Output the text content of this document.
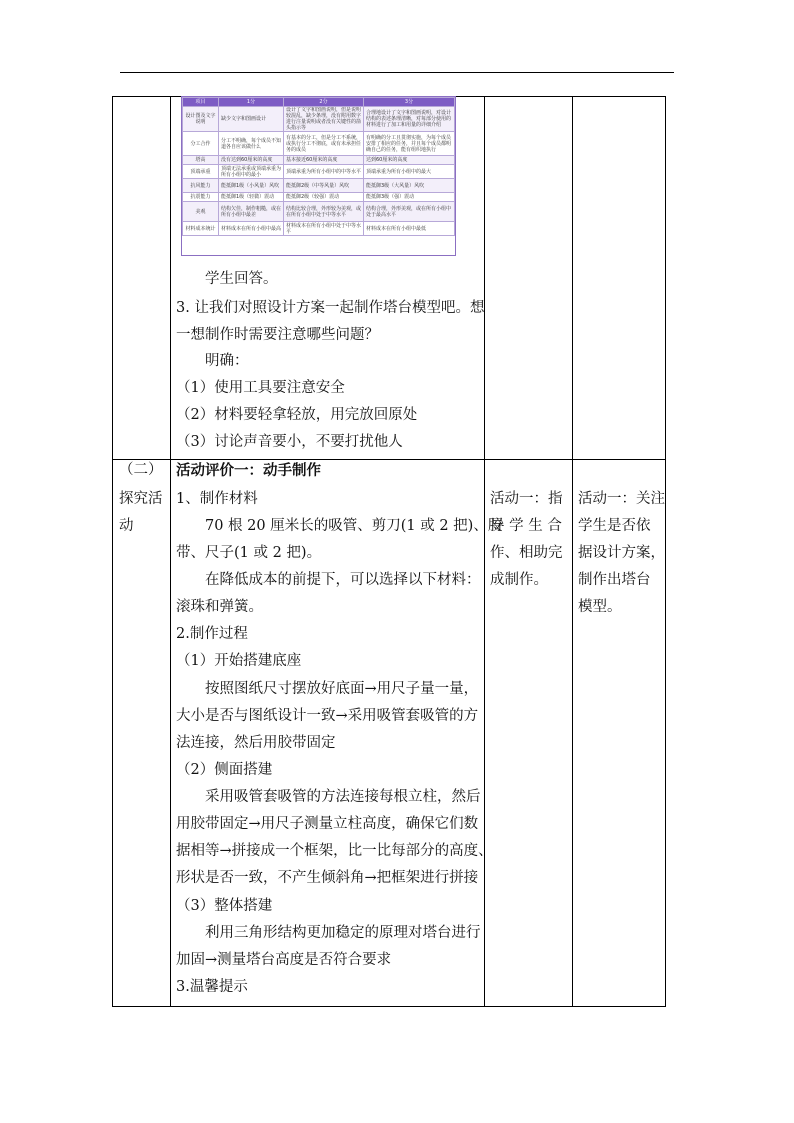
项目	1分	2分	3分
设计图及文字说明	缺少文字和图画设计	设计了文字和图画说明，但是说明较混乱，缺少条理，没有附用数字进行注量说明或者没有关键性的箭头指示等	合理地设计了文字和图画说明，对设计结构的表述条理清晰，对每部分使用的材料进行了加工和用量的详细介绍
分工合作	分工不明确，每个成员不知道各自应该做什么	有基本的分工，但是分工不系统，或执行分工不彻底，或有未承担任务的成员	有明确的分工且贯彻实施，为每个成员安排了相应的任务，并且每个成员都明确自己的任务，能有组织地执行
塔高	没有达到60厘米的高度	基本接近60厘米的高度	达到60厘米的高度
顶端承重	顶端无法承重或顶端承重为所有小组中的最小	顶端承重为所有小组中的中等水平	顶端承重为所有小组中的最大
抗风能力	能抵御1级（小风量）风吹	能抵御2级（中等风量）风吹	能抵御3级（大风量）风吹
抗震能力	能抵御1级（轻微）震动	能抵御2级（较强）震动	能抵御3级（强）震动
美观	结构欠佳，制作粗糙，或在所有小组中最差	结构比较合理，外形较为美观，或在所有小组中处于中等水平	结构合理，外形美观，或在所有小组中处于最高水平
材料成本统计	材料成本在所有小组中最高	材料成本在所有小组中处于中等水平	材料成本在所有小组中最低
学生回答。
3. 让我们对照设计方案一起制作塔台模型吧。想
一想制作时需要注意哪些问题？
明确：
（1）使用工具要注意安全
（2）材料要轻拿轻放，用完放回原处
（3）讨论声音要小，不要打扰他人
（二）
探究活
动
活动评价一：动手制作
1、制作材料
70 根 20 厘米长的吸管、剪刀(1 或 2 把)、胶
带、尺子(1 或 2 把)。
在降低成本的前提下，可以选择以下材料：
滚珠和弹簧。
2.制作过程
（1）开始搭建底座
按照图纸尺寸摆放好底面→用尺子量一量，
大小是否与图纸设计一致→采用吸管套吸管的方
法连接，然后用胶带固定
（2）侧面搭建
采用吸管套吸管的方法连接每根立柱，然后
用胶带固定→用尺子测量立柱高度，确保它们数
据相等→拼接成一个框架，比一比每部分的高度、
形状是否一致，不产生倾斜角→把框架进行拼接
（3）整体搭建
利用三角形结构更加稳定的原理对塔台进行
加固→测量塔台高度是否符合要求
3.温馨提示
活动一：指
导 学 生 合
作、相助完
成制作。
活动一：关注
学生是否依
据设计方案，
制作出塔台
模型。
